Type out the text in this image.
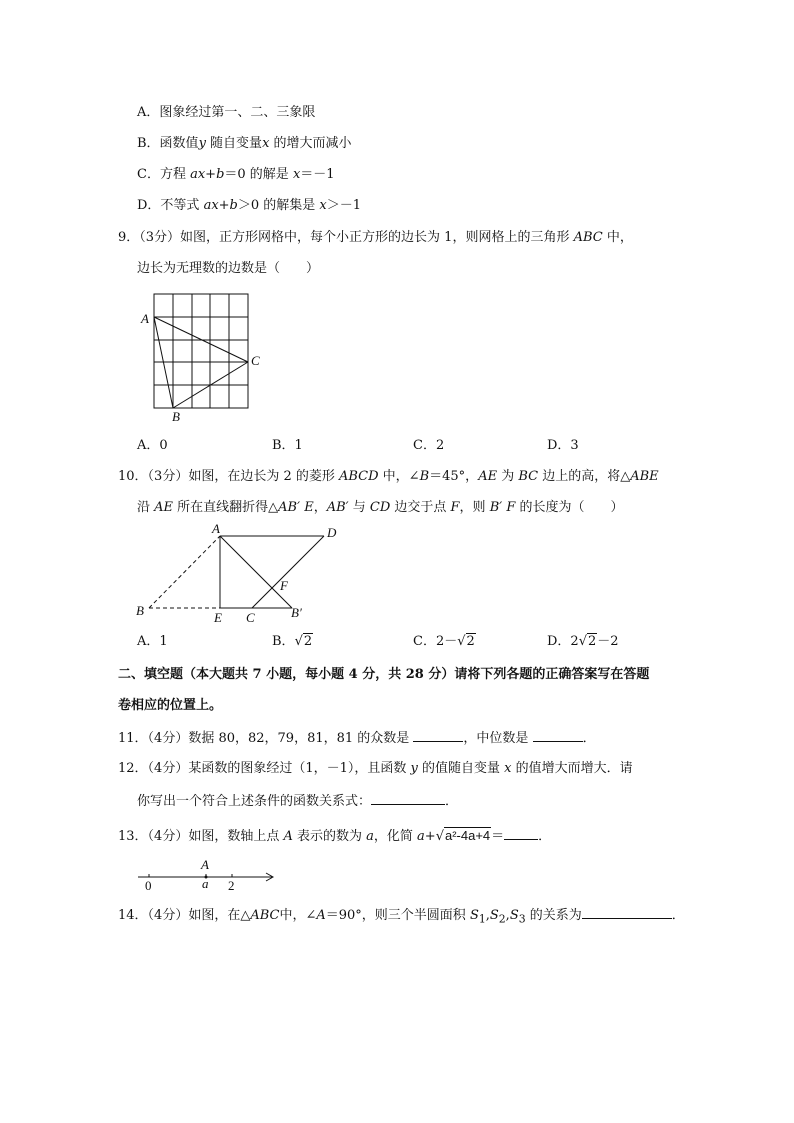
A．图象经过第一、二、三象限
B．函数值y 随自变量x 的增大而减小
C．方程 ax+b＝0 的解是 x＝－1
D．不等式 ax+b＞0 的解集是 x＞－1
9．（3分）如图，正方形网格中，每个小正方形的边长为 1，则网格上的三角形 ABC 中，
边长为无理数的边数是（　　）
A
C
B
A．0	B．1	C．2	D．3
10．（3分）如图，在边长为 2 的菱形 ABCD 中，∠B＝45°，AE 为 BC 边上的高，将△ABE
沿 AE 所在直线翻折得△AB′ E，AB′ 与 CD 边交于点 F，则 B′ F 的长度为（　　）
A	D
B	E C
F
B′
A．1	B．√2	C．2－√2	D．2√2－2
二、填空题（本大题共 7 小题，每小题 4 分，共 28 分）请将下列各题的正确答案写在答题
卷相应的位置上。
11．（4分）数据 80，82，79，81，81 的众数是	，中位数是	．
12．（4分）某函数的图象经过（1，－1），且函数 y 的值随自变量 x 的值增大而增大．请
你写出一个符合上述条件的函数关系式：	．
13．（4分）如图，数轴上点 A 表示的数为 a，化简 a+√a²-4a+4＝	．
A
0	a 2
14．（4分）如图，在△ABC中，∠A＝90°，则三个半圆面积 $S_1,S_2,S_3$ 的关系为	．
